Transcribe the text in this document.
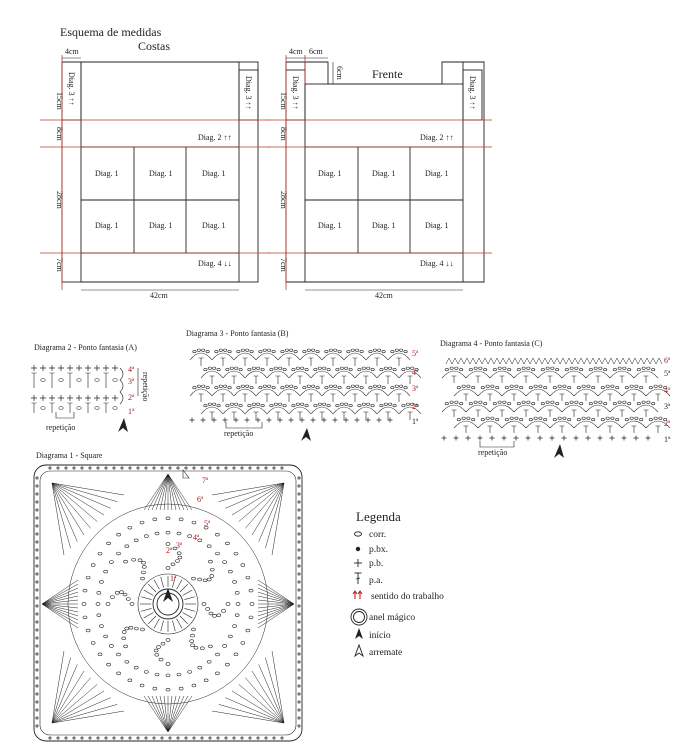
Esquema de medidas
Costas
4cm
15cm
8cm
28cm
7cm
Diag. 3 ↑↑	Diag. 3 ↑↑
Diag. 2 ↑↑
Diag. 1	Diag. 1	Diag. 1
Diag. 1	Diag. 1	Diag. 1
Diag. 4 ↓↓
42cm
Frente
4cm 6cm
6cm
15cm
8cm
28cm
7cm
Diag. 3 ↑↑	Diag. 3 ↑↑
Diag. 2 ↑↑
Diag. 1	Diag. 1	Diag. 1
Diag. 1	Diag. 1	Diag. 1
Diag. 4 ↓↓
42cm
Diagrama 2 - Ponto fantasia (A)
4ª
3ª
2ª
1ª
repetição
repetição
Diagrama 3 - Ponto fantasia (B)
5ª
4ª
3ª
2ª
1ª
repetição
Diagrama 4 - Ponto fantasia (C)
6ª
5ª
4ª
3ª
2ª
1ª
repetição
Diagrama 1 - Square
1ª
2ª
3ª
4ª
5ª
6ª
7ª
Legenda
corr.
p.bx.
p.b.
p.a.
sentido do trabalho
anel mágico
início
arremate
